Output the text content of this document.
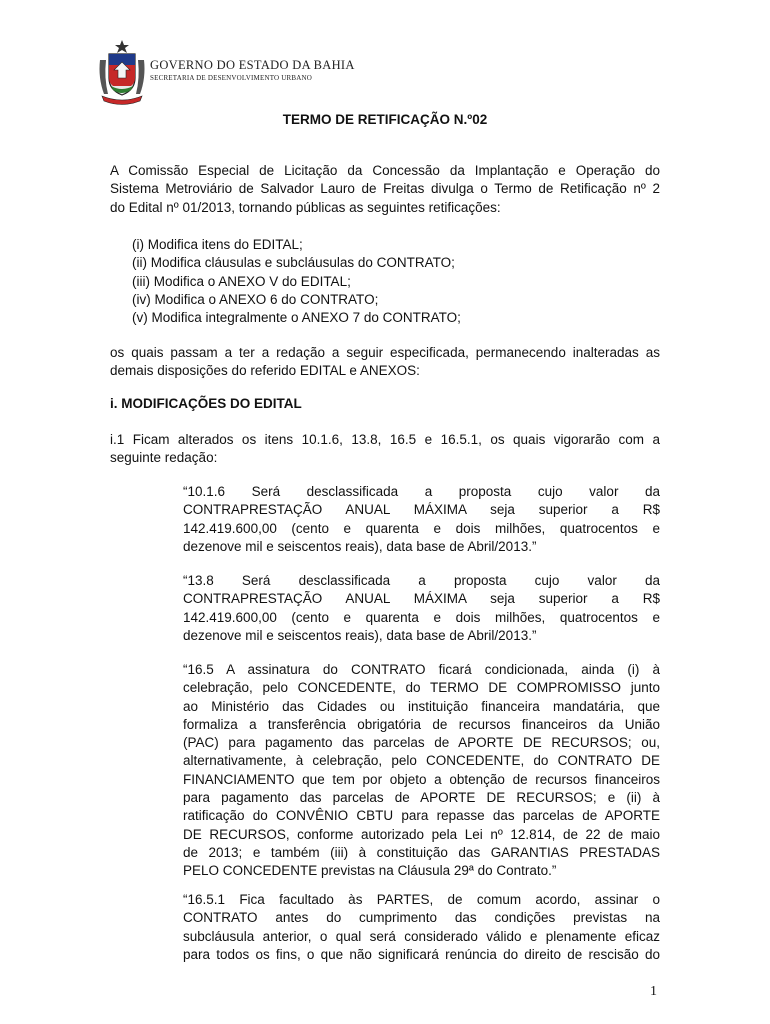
GOVERNO DO ESTADO DA BAHIA
SECRETARIA DE DESENVOLVIMENTO URBANO
TERMO DE RETIFICAÇÃO N.º02
A Comissão Especial de Licitação da Concessão da Implantação e Operação do
Sistema Metroviário de Salvador Lauro de Freitas divulga o Termo de Retificação nº 2
do Edital nº 01/2013, tornando públicas as seguintes retificações:
(i) Modifica itens do EDITAL;
(ii) Modifica cláusulas e subcláusulas do CONTRATO;
(iii) Modifica o ANEXO V do EDITAL;
(iv) Modifica o ANEXO 6 do CONTRATO;
(v) Modifica integralmente o ANEXO 7 do CONTRATO;
os quais passam a ter a redação a seguir especificada, permanecendo inalteradas as
demais disposições do referido EDITAL e ANEXOS:
i. MODIFICAÇÕES DO EDITAL
i.1 Ficam alterados os itens 10.1.6, 13.8, 16.5 e 16.5.1, os quais vigorarão com a
seguinte redação:
“10.1.6 Será desclassificada a proposta cujo valor da
CONTRAPRESTAÇÃO ANUAL MÁXIMA seja superior a R$
142.419.600,00 (cento e quarenta e dois milhões, quatrocentos e
dezenove mil e seiscentos reais), data base de Abril/2013.”
“13.8 Será desclassificada a proposta cujo valor da
CONTRAPRESTAÇÃO ANUAL MÁXIMA seja superior a R$
142.419.600,00 (cento e quarenta e dois milhões, quatrocentos e
dezenove mil e seiscentos reais), data base de Abril/2013.”
“16.5 A assinatura do CONTRATO ficará condicionada, ainda (i) à
celebração, pelo CONCEDENTE, do TERMO DE COMPROMISSO junto
ao Ministério das Cidades ou instituição financeira mandatária, que
formaliza a transferência obrigatória de recursos financeiros da União
(PAC) para pagamento das parcelas de APORTE DE RECURSOS; ou,
alternativamente, à celebração, pelo CONCEDENTE, do CONTRATO DE
FINANCIAMENTO que tem por objeto a obtenção de recursos financeiros
para pagamento das parcelas de APORTE DE RECURSOS; e (ii) à
ratificação do CONVÊNIO CBTU para repasse das parcelas de APORTE
DE RECURSOS, conforme autorizado pela Lei nº 12.814, de 22 de maio
de 2013; e também (iii) à constituição das GARANTIAS PRESTADAS
PELO CONCEDENTE previstas na Cláusula 29ª do Contrato.”
“16.5.1 Fica facultado às PARTES, de comum acordo, assinar o
CONTRATO antes do cumprimento das condições previstas na
subcláusula anterior, o qual será considerado válido e plenamente eficaz
para todos os fins, o que não significará renúncia do direito de rescisão do
1
